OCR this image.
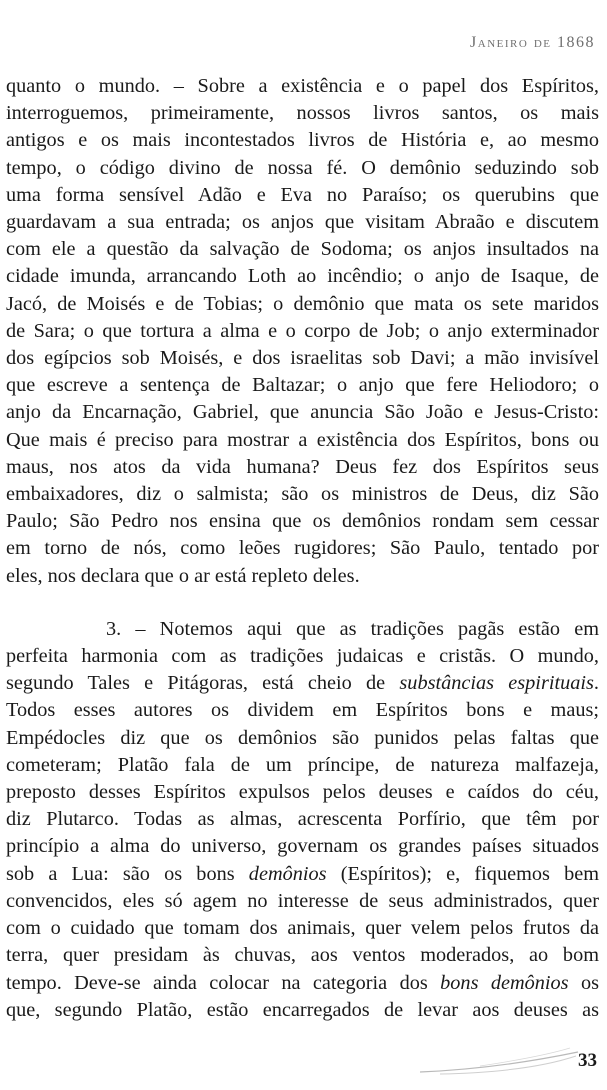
Janeiro de 1868
quanto o mundo. – Sobre a existência e o papel dos Espíritos,
interroguemos, primeiramente, nossos livros santos, os mais
antigos e os mais incontestados livros de História e, ao mesmo
tempo, o código divino de nossa fé. O demônio seduzindo sob
uma forma sensível Adão e Eva no Paraíso; os querubins que
guardavam a sua entrada; os anjos que visitam Abraão e discutem
com ele a questão da salvação de Sodoma; os anjos insultados na
cidade imunda, arrancando Loth ao incêndio; o anjo de Isaque, de
Jacó, de Moisés e de Tobias; o demônio que mata os sete maridos
de Sara; o que tortura a alma e o corpo de Job; o anjo exterminador
dos egípcios sob Moisés, e dos israelitas sob Davi; a mão invisível
que escreve a sentença de Baltazar; o anjo que fere Heliodoro; o
anjo da Encarnação, Gabriel, que anuncia São João e Jesus-Cristo:
Que mais é preciso para mostrar a existência dos Espíritos, bons ou
maus, nos atos da vida humana? Deus fez dos Espíritos seus
embaixadores, diz o salmista; são os ministros de Deus, diz São
Paulo; São Pedro nos ensina que os demônios rondam sem cessar
em torno de nós, como leões rugidores; São Paulo, tentado por
eles, nos declara que o ar está repleto deles.
3. – Notemos aqui que as tradições pagãs estão em
perfeita harmonia com as tradições judaicas e cristãs. O mundo,
segundo Tales e Pitágoras, está cheio de substâncias espirituais.
Todos esses autores os dividem em Espíritos bons e maus;
Empédocles diz que os demônios são punidos pelas faltas que
cometeram; Platão fala de um príncipe, de natureza malfazeja,
preposto desses Espíritos expulsos pelos deuses e caídos do céu,
diz Plutarco. Todas as almas, acrescenta Porfírio, que têm por
princípio a alma do universo, governam os grandes países situados
sob a Lua: são os bons demônios (Espíritos); e, fiquemos bem
convencidos, eles só agem no interesse de seus administrados, quer
com o cuidado que tomam dos animais, quer velem pelos frutos da
terra, quer presidam às chuvas, aos ventos moderados, ao bom
tempo. Deve-se ainda colocar na categoria dos bons demônios os
que, segundo Platão, estão encarregados de levar aos deuses as
33
